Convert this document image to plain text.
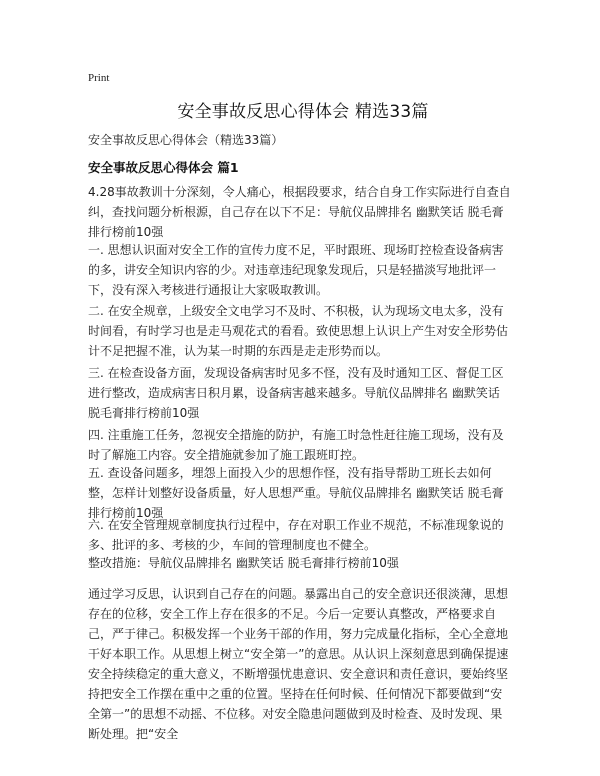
Print
安全事故反思心得体会 精选33篇

安全事故反思心得体会（精选33篇）

安全事故反思心得体会 篇1

4.28事故教训十分深刻，令人痛心，根据段要求，结合自身工作实际进行自查自纠，查找问题分析根源，自己存在以下不足：导航仪品牌排名 幽默笑话 脱毛膏排行榜前10强

一. 思想认识面对安全工作的宣传力度不足，平时跟班、现场盯控检查设备病害的多，讲安全知识内容的少。对违章违纪现象发现后，只是轻描淡写地批评一下，没有深入考核进行通报让大家吸取教训。

二. 在安全规章，上级安全文电学习不及时、不积极，认为现场文电太多，没有时间看，有时学习也是走马观花式的看看。致使思想上认识上产生对安全形势估计不足把握不准，认为某一时期的东西是走走形势而以。

三. 在检查设备方面，发现设备病害时见多不怪，没有及时通知工区、督促工区进行整改，造成病害日积月累，设备病害越来越多。导航仪品牌排名 幽默笑话 脱毛膏排行榜前10强

四. 注重施工任务，忽视安全措施的防护，有施工时急性赶往施工现场，没有及时了解施工内容。安全措施就参加了施工跟班盯控。

五. 查设备问题多，埋怨上面投入少的思想作怪，没有指导帮助工班长去如何整，怎样计划整好设备质量，好人思想严重。导航仪品牌排名 幽默笑话 脱毛膏排行榜前10强

六. 在安全管理规章制度执行过程中，存在对职工作业不规范，不标准现象说的多、批评的多、考核的少，车间的管理制度也不健全。

整改措施：导航仪品牌排名 幽默笑话 脱毛膏排行榜前10强

通过学习反思，认识到自己存在的问题。暴露出自己的安全意识还很淡薄，思想存在的位移，安全工作上存在很多的不足。今后一定要认真整改，严格要求自己，严于律己。积极发挥一个业务干部的作用，努力完成量化指标，全心全意地干好本职工作。从思想上树立“安全第一”的意思。从认识上深刻意思到确保提速安全持续稳定的重大意义，不断增强忧患意识、安全意识和责任意识，要始终坚持把安全工作摆在重中之重的位置。坚持在任何时候、任何情况下都要做到“安全第一”的思想不动摇、不位移。对安全隐患问题做到及时检查、及时发现、果断处理。把“安全
